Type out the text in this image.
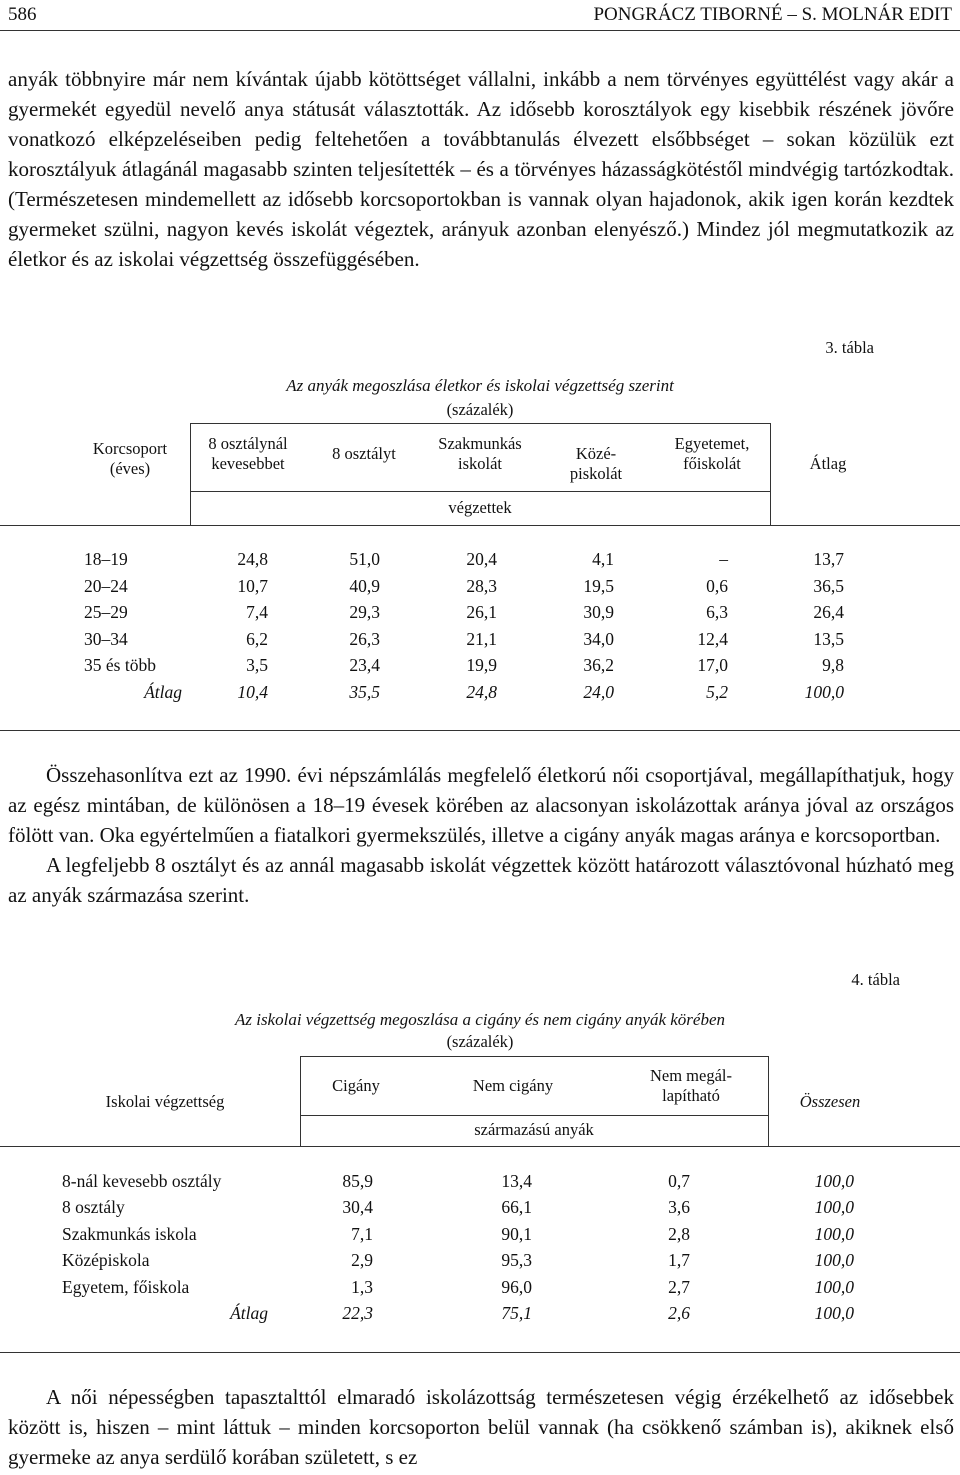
586	PONGRÁCZ TIBORNÉ – S. MOLNÁR EDIT

anyák többnyire már nem kívántak újabb kötöttséget vállalni, inkább a nem törvényes együttélést vagy akár a gyermekét egyedül nevelő anya státusát választották. Az idősebb korosztályok egy kisebbik részének jövőre vonatkozó elképzeléseiben pedig feltehetően a továbbtanulás élvezett elsőbbséget – sokan közülük ezt korosztályuk átlagánál magasabb szinten teljesítették – és a törvényes házasságkötéstől mindvégig tartózkodtak. (Természetesen mindemellett az idősebb korcsoportokban is vannak olyan hajadonok, akik igen korán kezdtek gyermeket szülni, nagyon kevés iskolát végeztek, arányuk azonban elenyésző.) Mindez jól megmutatkozik az életkor és az iskolai végzettség összefüggésében.

3. tábla
Az anyák megoszlása életkor és iskolai végzettség szerint
(százalék)
Korcsoport
(éves)
8 osztálynál
kevesebbet
8 osztályt
Szakmunkás
iskolát
Közé-
piskolát
Egyetemet,
főiskolát	Átlag
végzettek
18–19	24,8	51,0	20,4	4,1	–	13,7
20–24	10,7	40,9	28,3	19,5	0,6	36,5
25–29	7,4	29,3	26,1	30,9	6,3	26,4
30–34	6,2	26,3	21,1	34,0	12,4	13,5
35 és több	3,5	23,4	19,9	36,2	17,0	9,8
Átlag	10,4	35,5	24,8	24,0	5,2	100,0

Összehasonlítva ezt az 1990. évi népszámlálás megfelelő életkorú női csoportjával, megállapíthatjuk, hogy az egész mintában, de különösen a 18–19 évesek körében az alacsonyan iskolázottak aránya jóval az országos fölött van. Oka egyértelműen a fiatalkori gyermekszülés, illetve a cigány anyák magas aránya e korcsoportban.

A legfeljebb 8 osztályt és az annál magasabb iskolát végzettek között határozott választóvonal húzható meg az anyák származása szerint.

4. tábla
Az iskolai végzettség megoszlása a cigány és nem cigány anyák körében
(százalék)
Iskolai végzettség
Cigány	Nem cigány
Nem megál-
lapítható	Összesen
származású anyák
8-nál kevesebb osztály	85,9	13,4	0,7	100,0
8 osztály	30,4	66,1	3,6	100,0
Szakmunkás iskola	7,1	90,1	2,8	100,0
Középiskola	2,9	95,3	1,7	100,0
Egyetem, főiskola	1,3	96,0	2,7	100,0
Átlag	22,3	75,1	2,6	100,0

A női népességben tapasztalttól elmaradó iskolázottság természetesen végig érzékelhető az idősebbek között is, hiszen – mint láttuk – minden korcsoporton belül vannak (ha csökkenő számban is), akiknek első gyermeke az anya serdülő korában született, s ez
